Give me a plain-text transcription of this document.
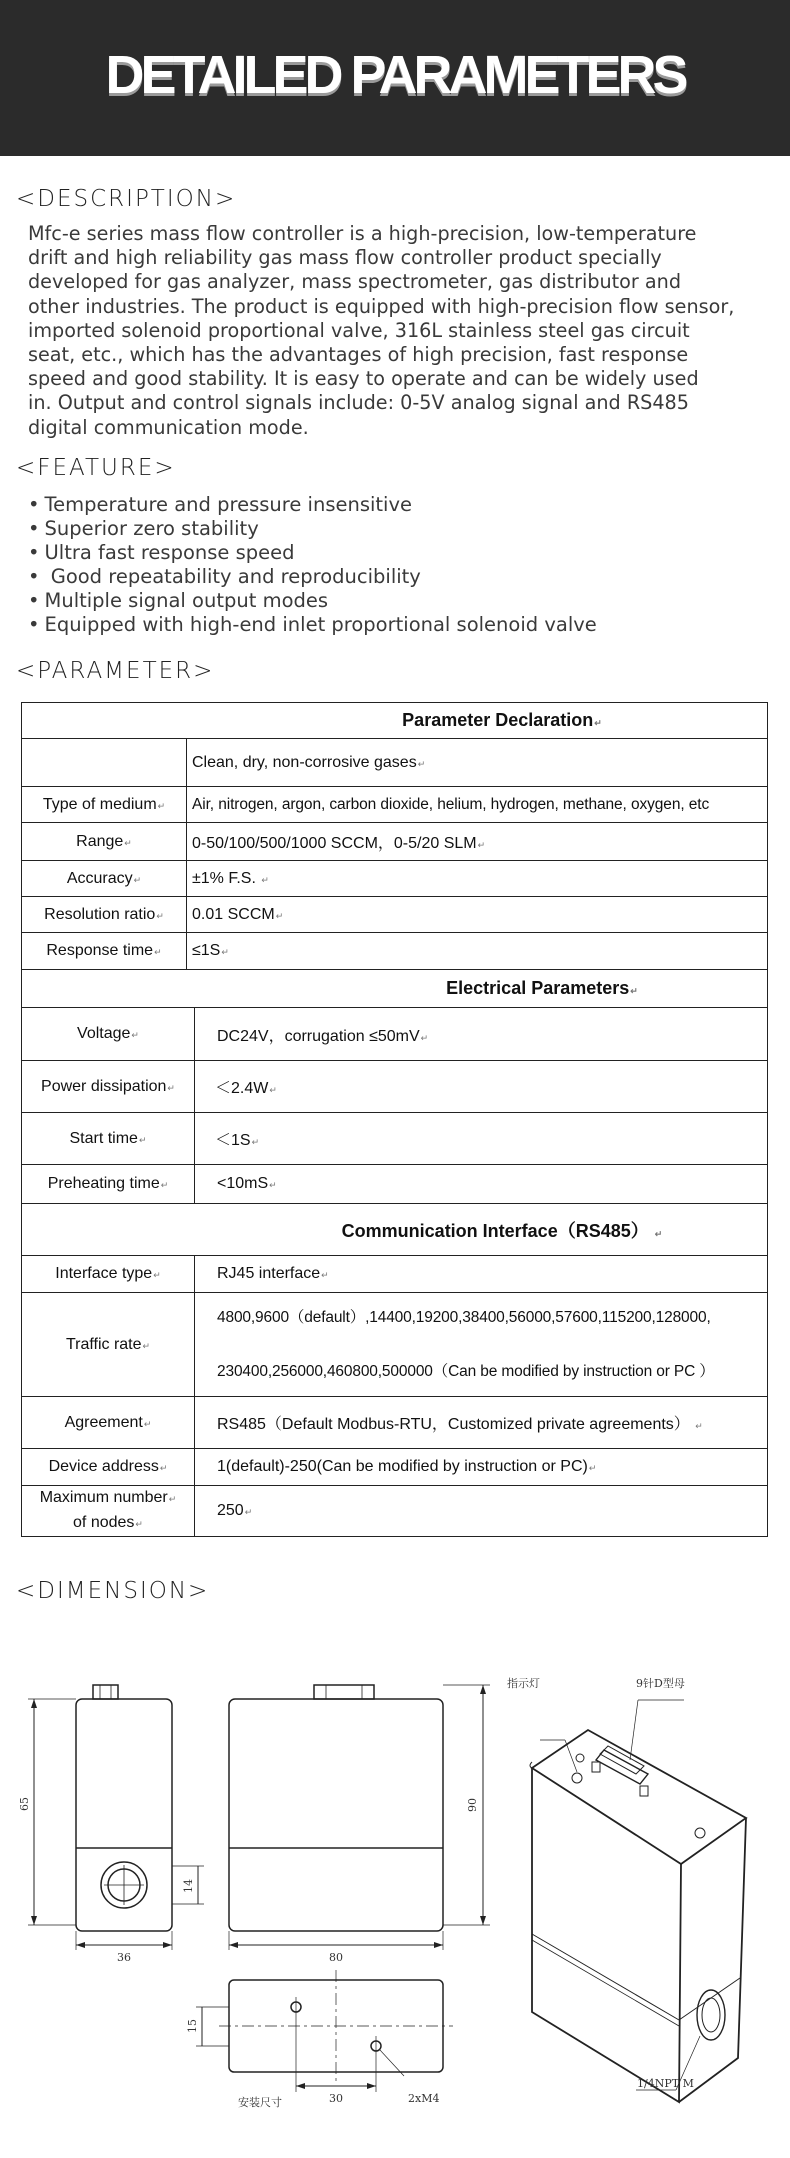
DETAILED PARAMETERS
<DESCRIPTION>

Mfc-e series mass flow controller is a high-precision, low-temperature
drift and high reliability gas mass flow controller product specially
developed for gas analyzer, mass spectrometer, gas distributor and
other industries. The product is equipped with high-precision flow sensor,
imported solenoid proportional valve, 316L stainless steel gas circuit
seat, etc., which has the advantages of high precision, fast response
speed and good stability. It is easy to operate and can be widely used
in. Output and control signals include: 0-5V analog signal and RS485
digital communication mode.

<FEATURE>
• Temperature and pressure insensitive
• Superior zero stability
• Ultra fast response speed
• Good repeatability and reproducibility
• Multiple signal output modes
• Equipped with high-end inlet proportional solenoid valve
<PARAMETER>
Parameter Declaration↵		
	Clean, dry, non-corrosive gases↵	
Type of medium↵	Air, nitrogen, argon, carbon dioxide, helium, hydrogen, methane, oxygen, etc	
Range↵	0-50/100/500/1000 SCCM，0-5/20 SLM↵	
Accuracy↵	±1% F.S. ↵	
Resolution ratio↵	0.01 SCCM↵	
Response time↵	≤1S↵	
Electrical Parameters↵		
Voltage↵		DC24V，corrugation ≤50mV↵
Power dissipation↵		＜2.4W↵
Start time↵		＜1S↵
Preheating time↵		<10mS↵
Communication Interface（RS485） ↵		
Interface type↵		RJ45 interface↵
Traffic rate↵		4800,9600（default）,14400,19200,38400,56000,57600,115200,128000,

230400,256000,460800,500000（Can be modified by instruction or PC ）
Agreement↵		RS485（Default Modbus-RTU，Customized private agreements） ↵
Device address↵		1(default)-250(Can be modified by instruction or PC)↵
Maximum number↵
of nodes↵		250↵
<DIMENSION>
65
14
36	80
90
15
30	2xM4
安装尺寸
指示灯	9针D型母
1/4NPT M
